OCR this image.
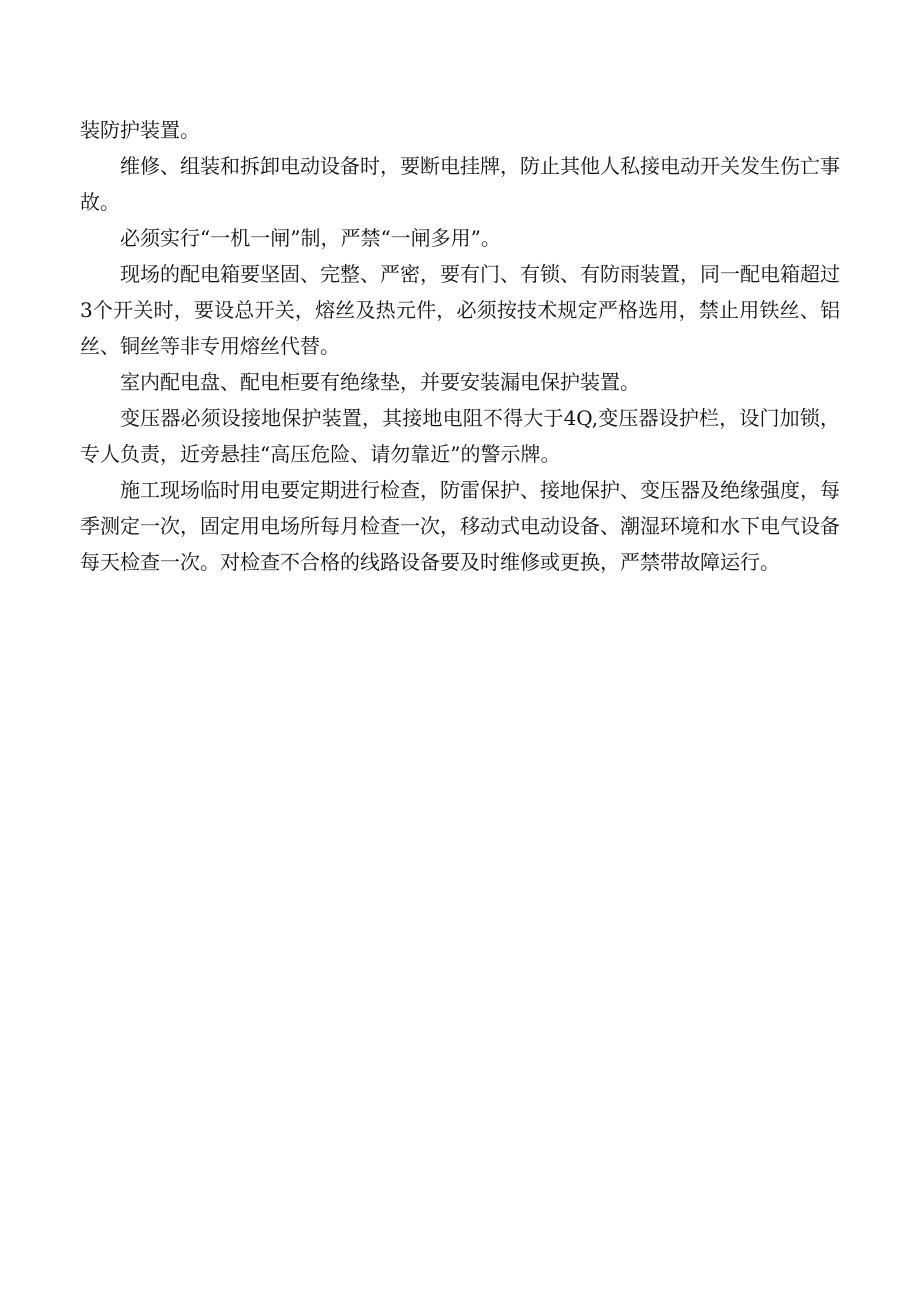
装防护装置。

维修、组装和拆卸电动设备时，要断电挂牌，防止其他人私接电动开关发生伤亡事故。

必须实行“一机一闸”制，严禁“一闸多用”。

现场的配电箱要坚固、完整、严密，要有门、有锁、有防雨装置，同一配电箱超过3个开关时，要设总开关，熔丝及热元件，必须按技术规定严格选用，禁止用铁丝、铝丝、铜丝等非专用熔丝代替。

室内配电盘、配电柜要有绝缘垫，并要安装漏电保护装置。

变压器必须设接地保护装置，其接地电阻不得大于4Q,变压器设护栏，设门加锁，专人负责，近旁悬挂“高压危险、请勿靠近”的警示牌。

施工现场临时用电要定期进行检查，防雷保护、接地保护、变压器及绝缘强度，每季测定一次，固定用电场所每月检查一次，移动式电动设备、潮湿环境和水下电气设备每天检查一次。对检查不合格的线路设备要及时维修或更换，严禁带故障运行。
